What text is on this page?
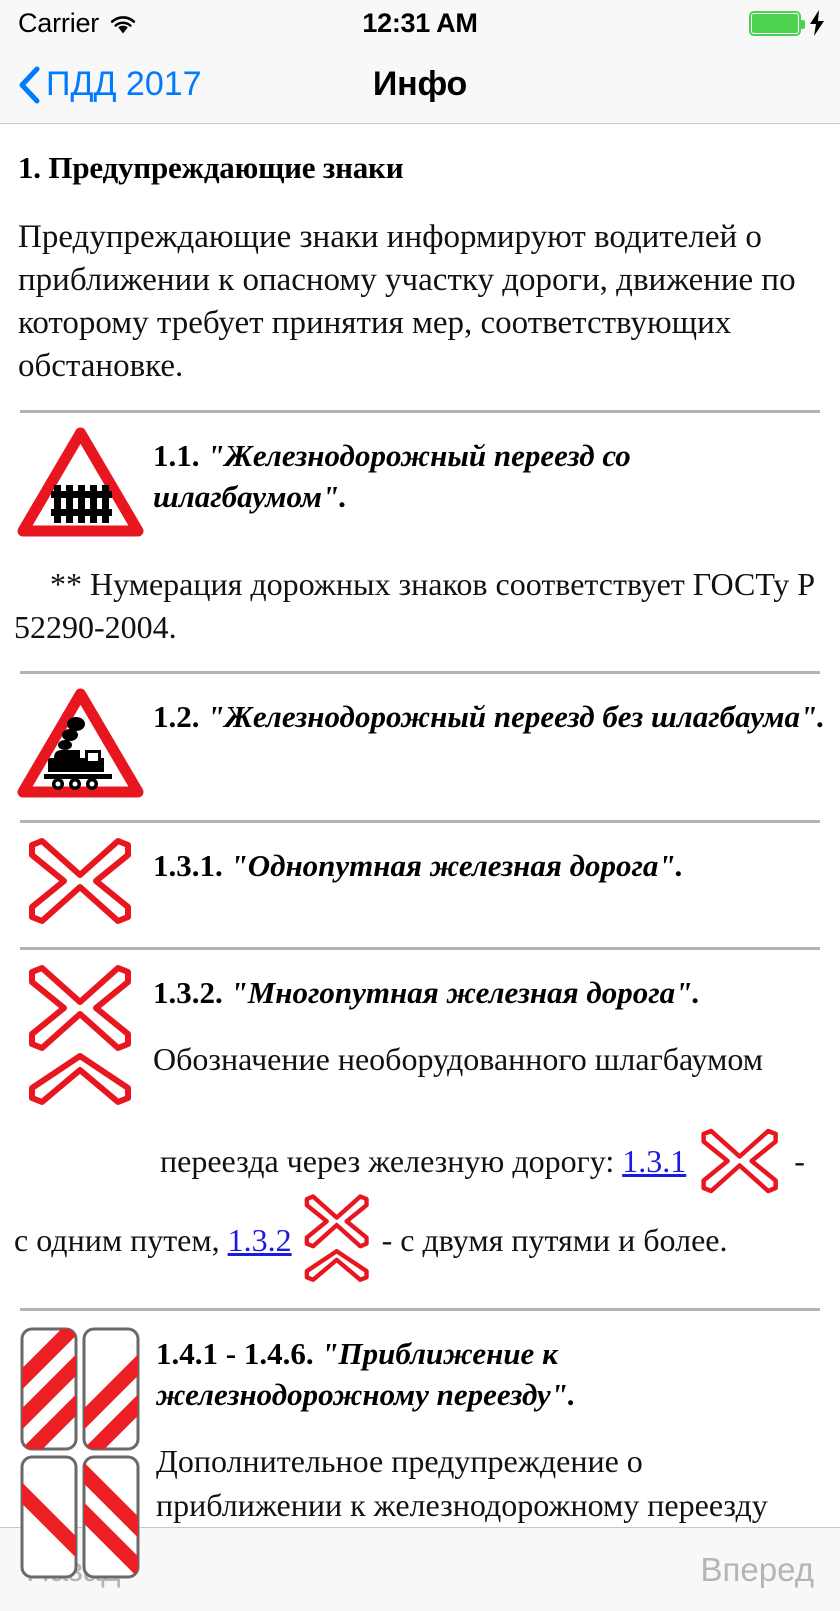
Carrier	12:31 AM
ПДД 2017	Инфо
1. Предупреждающие знаки

Предупреждающие знаки информируют водителей о приближении к опасному участку дороги, движение по которому требует принятия мер, соответствующих обстановке.

1.1. "Железнодорожный переезд со шлагбаумом".

** Нумерация дорожных знаков соответствует ГОСТу Р 52290-2004.

1.2. "Железнодорожный переезд без шлагбаума".
1.3.1. "Однопутная железная дорога".
1.3.2. "Многопутная железная дорога".

Обозначение необорудованного шлагбаумом

переезда через железную дорогу:
1.3.1	-
с одним путем,
1.3.2	- с двумя путями и более.
1.4.1 - 1.4.6. "Приближение к железнодорожному переезду".

Дополнительное предупреждение о приближении к железнодорожному переезду

Вперед
